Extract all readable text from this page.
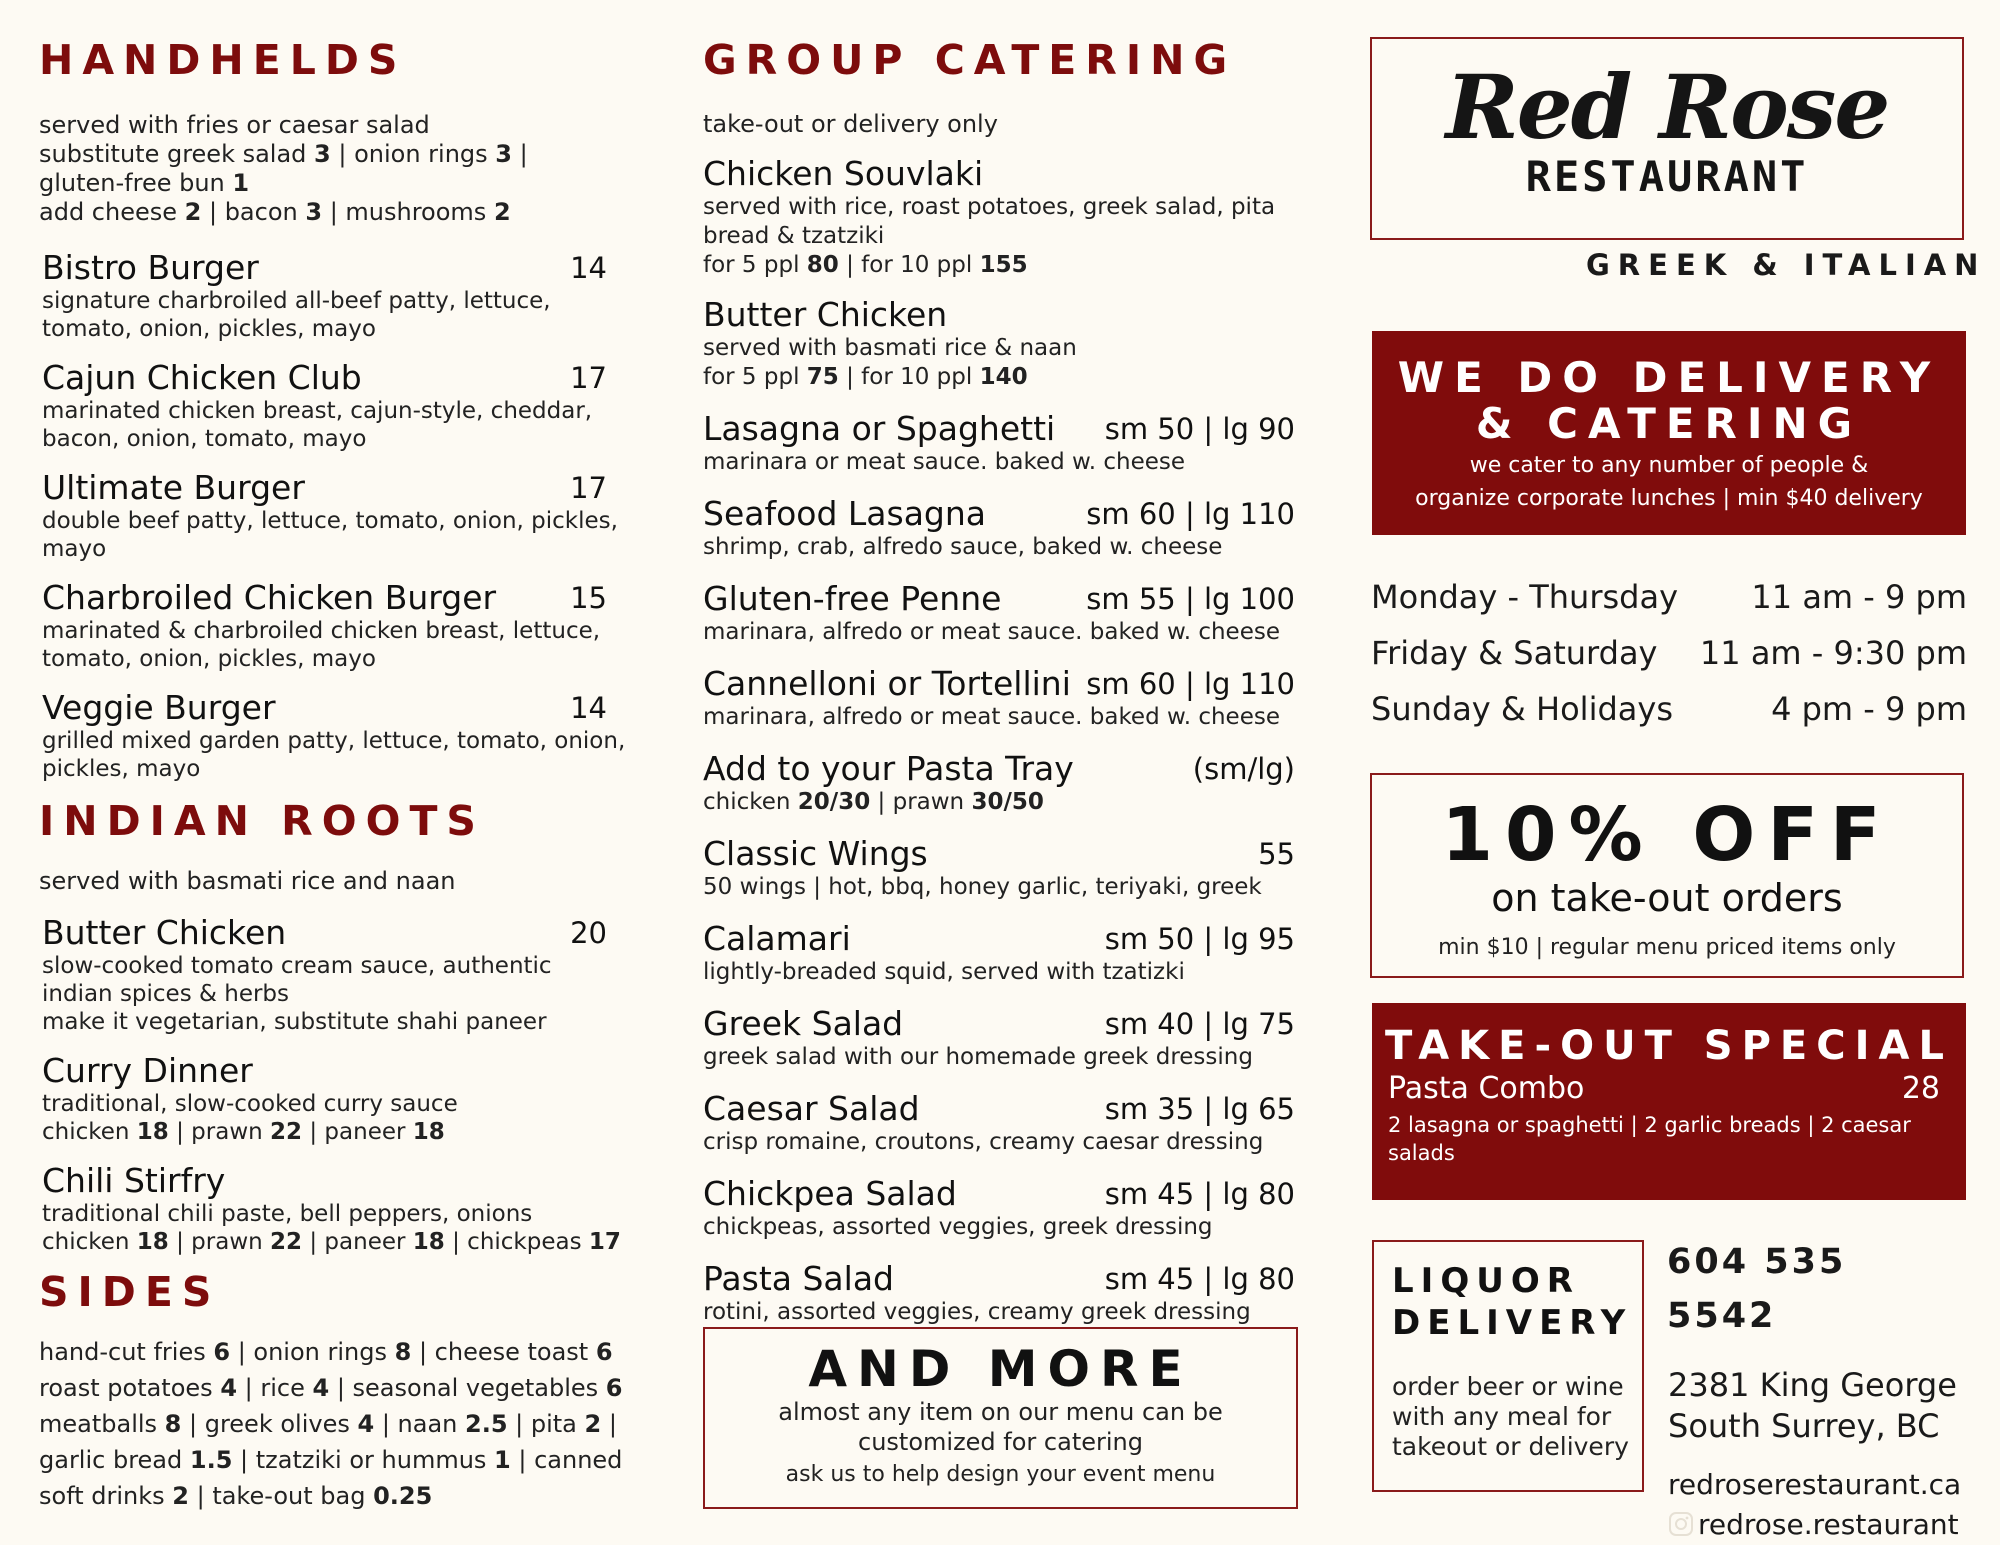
HANDHELDS
served with fries or caesar salad
substitute greek salad 3 | onion rings 3 |
gluten-free bun 1
add cheese 2 | bacon 3 | mushrooms 2
Bistro Burger	14
signature charbroiled all-beef patty, lettuce, tomato, onion, pickles, mayo
Cajun Chicken Club	17
marinated chicken breast, cajun-style, cheddar, bacon, onion, tomato, mayo
Ultimate Burger	17
double beef patty, lettuce, tomato, onion, pickles, mayo
Charbroiled Chicken Burger	15
marinated & charbroiled chicken breast, lettuce, tomato, onion, pickles, mayo
Veggie Burger	14
grilled mixed garden patty, lettuce, tomato, onion, pickles, mayo
INDIAN ROOTS
served with basmati rice and naan
Butter Chicken	20
slow-cooked tomato cream sauce, authentic indian spices & herbs
make it vegetarian, substitute shahi paneer
Curry Dinner
traditional, slow-cooked curry sauce
chicken 18 | prawn 22 | paneer 18
Chili Stirfry
traditional chili paste, bell peppers, onions
chicken 18 | prawn 22 | paneer 18 | chickpeas 17
SIDES
hand-cut fries 6 | onion rings 8 | cheese toast 6
roast potatoes 4 | rice 4 | seasonal vegetables 6
meatballs 8 | greek olives 4 | naan 2.5 | pita 2 |
garlic bread 1.5 | tzatziki or hummus 1 | canned
soft drinks 2 | take-out bag 0.25
GROUP CATERING
take-out or delivery only
Chicken Souvlaki
served with rice, roast potatoes, greek salad, pita bread & tzatziki
for 5 ppl 80 | for 10 ppl 155
Butter Chicken
served with basmati rice & naan
for 5 ppl 75 | for 10 ppl 140
Lasagna or Spaghetti	sm 50 | lg 90
marinara or meat sauce. baked w. cheese
Seafood Lasagna	sm 60 | lg 110
shrimp, crab, alfredo sauce, baked w. cheese
Gluten-free Penne	sm 55 | lg 100
marinara, alfredo or meat sauce. baked w. cheese
Cannelloni or Tortellini sm 60 | lg 110
marinara, alfredo or meat sauce. baked w. cheese
Add to your Pasta Tray	(sm/lg)
chicken 20/30 | prawn 30/50
Classic Wings	55
50 wings | hot, bbq, honey garlic, teriyaki, greek
Calamari	sm 50 | lg 95
lightly-breaded squid, served with tzatizki
Greek Salad	sm 40 | lg 75
greek salad with our homemade greek dressing
Caesar Salad	sm 35 | lg 65
crisp romaine, croutons, creamy caesar dressing
Chickpea Salad	sm 45 | lg 80
chickpeas, assorted veggies, greek dressing
Pasta Salad	sm 45 | lg 80
rotini, assorted veggies, creamy greek dressing
AND MORE
almost any item on our menu can be customized for catering
ask us to help design your event menu
Red Rose
RESTAURANT
GREEK & ITALIAN
WE DO DELIVERY
& CATERING
we cater to any number of people &
organize corporate lunches | min $40 delivery
Monday - Thursday 11 am - 9 pm
Friday & Saturday 11 am - 9:30 pm
Sunday & Holidays	4 pm - 9 pm
10% OFF
on take-out orders
min $10 | regular menu priced items only
TAKE-OUT SPECIAL
Pasta Combo	28
2 lasagna or spaghetti | 2 garlic breads | 2 caesar salads
LIQUOR
DELIVERY
order beer or wine with any meal for takeout or delivery
604 535 5542
2381 King George
South Surrey, BC
redroserestaurant.ca
redrose.restaurant
